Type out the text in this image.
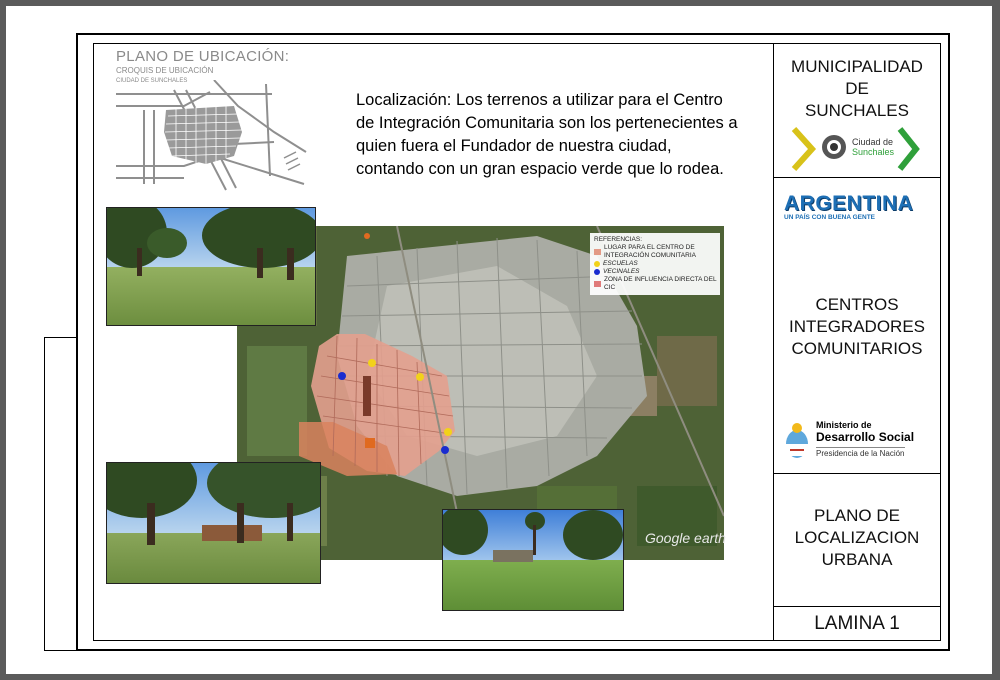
PLANO DE UBICACIÓN:
CROQUIS DE UBICACIÓN
CIUDAD DE SUNCHALES
Localización: Los terrenos a utilizar para el Centro de Integración Comunitaria son los pertenecientes a quien fuera el Fundador de nuestra ciudad, contando con un gran espacio verde que lo rodea.
Google earth
REFERENCIAS:
LUGAR PARA EL CENTRO DE INTEGRACIÓN COMUNITARIA
ESCUELAS
VECINALES
ZONA DE INFLUENCIA DIRECTA DEL CIC
MUNICIPALIDAD
DE
SUNCHALES
Ciudad de
Sunchales
ARGENTINA
UN PAÍS CON BUENA GENTE
CENTROS
INTEGRADORES
COMUNITARIOS
Ministerio de
Desarrollo Social
Presidencia de la Nación
PLANO DE
LOCALIZACION
URBANA
LAMINA 1
